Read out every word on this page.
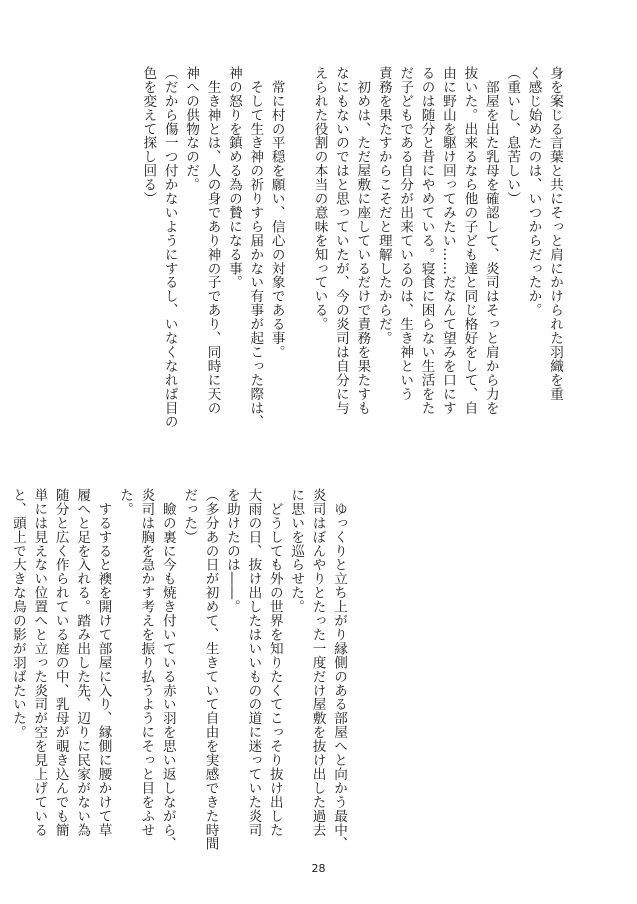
身を案じる言葉と共にそっと肩にかけられた羽織を重

く感じ始めたのは、いつからだったか。

（重いし、息苦しい）

　部屋を出た乳母を確認して、炎司はそっと肩から力を

抜いた。出来るなら他の子ども達と同じ格好をして、自

由に野山を駆け回ってみたい……だなんて望みを口にす

るのは随分と昔にやめている。寝食に困らない生活をた

だ子どもである自分が出来ているのは、生き神という

責務を果たすからこそだと理解したからだ。

　初めは、ただ屋敷に座しているだけで責務を果たすも

なにもないのではと思っていたが、今の炎司は自分に与

えられた役割の本当の意味を知っている。

　常に村の平穏を願い、信心の対象である事。

　そして生き神の祈りすら届かない有事が起こった際は、

神の怒りを鎮める為の贄になる事。

　生き神とは、人の身であり神の子であり、同時に天の

神への供物なのだ。

（だから傷一つ付かないようにするし、いなくなれば目の

色を変えて探し回る）

　ゆっくりと立ち上がり縁側のある部屋へと向かう最中、

炎司はぼんやりとたった一度だけ屋敷を抜け出した過去

に思いを巡らせた。

　どうしても外の世界を知りたくてこっそり抜け出した

大雨の日、抜け出したはいいものの道に迷っていた炎司

を助けたのは――。

（多分あの日が初めて、生きていて自由を実感できた時間

だった）

　瞼の裏に今も焼き付いている赤い羽を思い返しながら、

炎司は胸を急かす考えを振り払うようにそっと目をふせ

た。

　するすると襖を開けて部屋に入り、縁側に腰かけて草

履へと足を入れる。踏み出した先、辺りに民家がない為

随分と広く作られている庭の中、乳母が覗き込んでも簡

単には見えない位置へと立った炎司が空を見上げている

と、頭上で大きな鳥の影が羽ばたいた。

28
